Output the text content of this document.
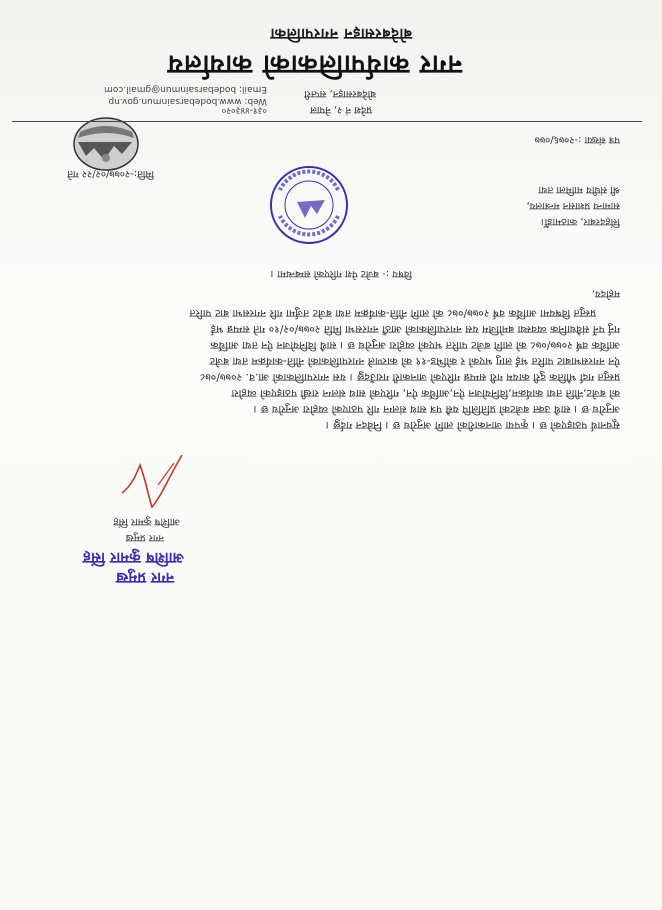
बोदेबरसाइन नगरपालिका
नगर कार्यपालिकाको कार्यालय
बोदेबरसाइन, सप्तरी
प्रदेश नं २, नेपाल
०३१-४४३०२०
Web: www.bodebarsainmun.gov.np
Email: bodebarsainmun@gmail.com
पत्र संख्या :-२०७६/०७७
मिति:-२०७७/०२/२२ गते
श्री संघीय मामिला तथा
सामान्य प्रशासन मन्त्रालय,
सिंहदरबार, काठमाडौँ।
विषय :- बजेट पेश गरिएको सम्बन्धमा ।
महोदय,
प्रस्तुत विषयमा आर्थिक वर्ष २०७७/०७८ को लागि नीति-कार्यक्रम तथा बजेट तर्जुमा गरि नगरसभा बाट पारित
गर्नु पर्ने संवैधानिक व्यवस्था बमोजिम यस नगरपालिकाको आठौं नगरसभा मिति २०७७/०२/१० गते सम्पन्न भई
आर्थिक वर्ष २०७७/०७८ को लागि बजेट पारित भएको व्यहोरा अनुरोध छ । साथै विनियोजन ऐन तथा आर्थिक
ऐन नगरसभाबाट पारित भई लागु भएको र कोभिड-१९ को कारणले नगरपालिकाको नीति-कार्यक्रम तथा बजेट
प्रस्तुत गर्दा भौतिक दुरी कायम गरी सम्पन्न गरिएको जानकारी गराउँदछु । यस नगरपालिकाको आ.व. २०७७/०७८
को बजेट,नीति तथा कार्यक्रम,विनियोजन ऐन,आर्थिक ऐन, गरिएको साथ संलग्न राखी पठाइएको व्यहोरा
अनुरोध छ । साथै उक्त बजेटको प्रतिलिपि यसै पत्र साथ संलग्न गरि पठाएको व्यहोरा अनुरोध छ ।
सूचनार्थ पठाइएको छ । कृपया जानकारीको लागि अनुरोध छ । निवेदन गर्दछु ।
आशिष कुमार सिंह
नगर प्रमुख
आशिष कुमार सिंह
नगर प्रमुख
